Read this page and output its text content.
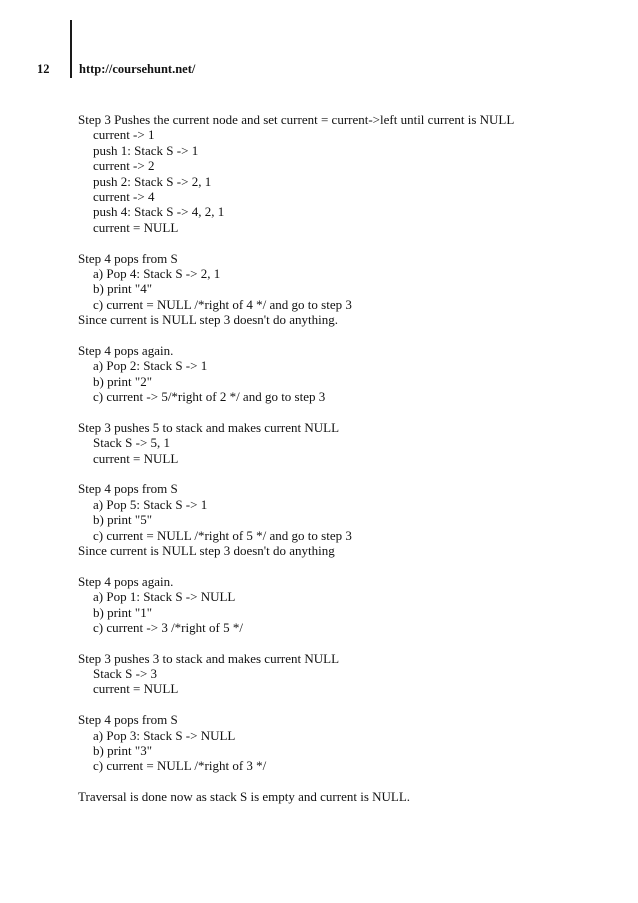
12 http://coursehunt.net/
Step 3 Pushes the current node and set current = current->left until current is NULL
current -> 1
push 1: Stack S -> 1
current -> 2
push 2: Stack S -> 2, 1
current -> 4
push 4: Stack S -> 4, 2, 1
current = NULL
Step 4 pops from S
a) Pop 4: Stack S -> 2, 1
b) print "4"
c) current = NULL /*right of 4 */ and go to step 3
Since current is NULL step 3 doesn't do anything.
Step 4 pops again.
a) Pop 2: Stack S -> 1
b) print "2"
c) current -> 5/*right of 2 */ and go to step 3
Step 3 pushes 5 to stack and makes current NULL
Stack S -> 5, 1
current = NULL
Step 4 pops from S
a) Pop 5: Stack S -> 1
b) print "5"
c) current = NULL /*right of 5 */ and go to step 3
Since current is NULL step 3 doesn't do anything
Step 4 pops again.
a) Pop 1: Stack S -> NULL
b) print "1"
c) current -> 3 /*right of 5 */
Step 3 pushes 3 to stack and makes current NULL
Stack S -> 3
current = NULL
Step 4 pops from S
a) Pop 3: Stack S -> NULL
b) print "3"
c) current = NULL /*right of 3 */
Traversal is done now as stack S is empty and current is NULL.
